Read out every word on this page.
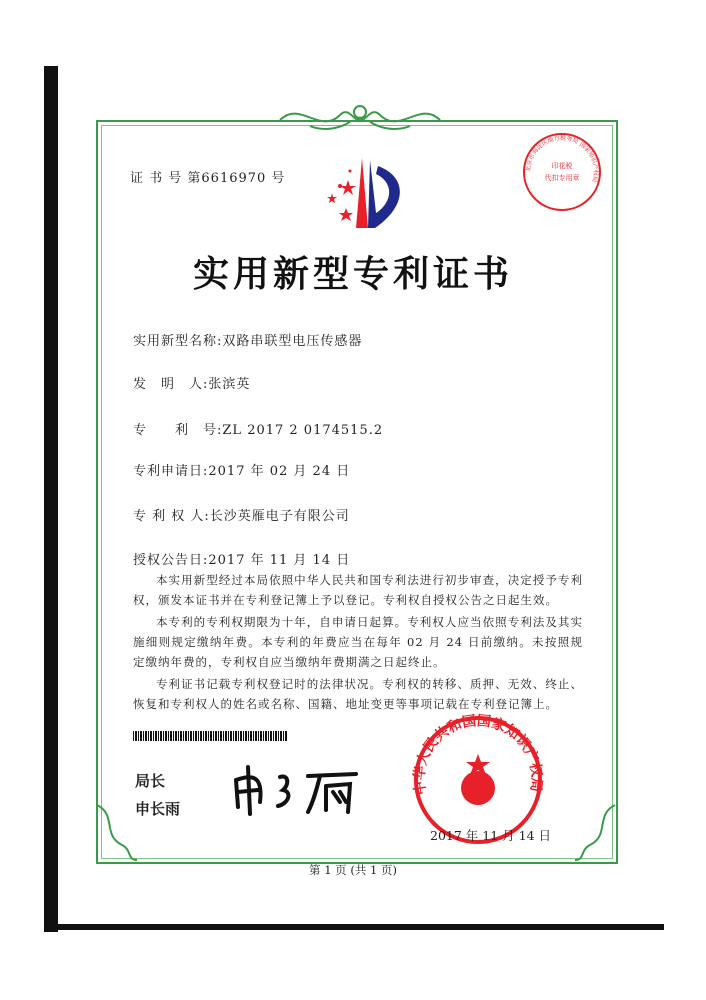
证 书 号 第6616970 号
印花税
代扣专用章
北京市海淀区地方税务局 国家知识产权局
实用新型专利证书
实用新型名称:双路串联型电压传感器
发　明　人:张滨英
专　　利　号:ZL 2017 2 0174515.2
专利申请日:2017 年 02 月 24 日
专 利 权 人:长沙英雁电子有限公司
授权公告日:2017 年 11 月 14 日
本实用新型经过本局依照中华人民共和国专利法进行初步审查，决定授予专利权，颁发本证书并在专利登记簿上予以登记。专利权自授权公告之日起生效。
本专利的专利权期限为十年，自申请日起算。专利权人应当依照专利法及其实施细则规定缴纳年费。本专利的年费应当在每年 02 月 24 日前缴纳。未按照规定缴纳年费的，专利权自应当缴纳年费期满之日起终止。
专利证书记载专利权登记时的法律状况。专利权的转移、质押、无效、终止、恢复和专利权人的姓名或名称、国籍、地址变更等事项记载在专利登记簿上。
局长
申长雨
中华人民共和国国家知识产权局
2017 年 11 月 14 日
第 1 页 (共 1 页)
